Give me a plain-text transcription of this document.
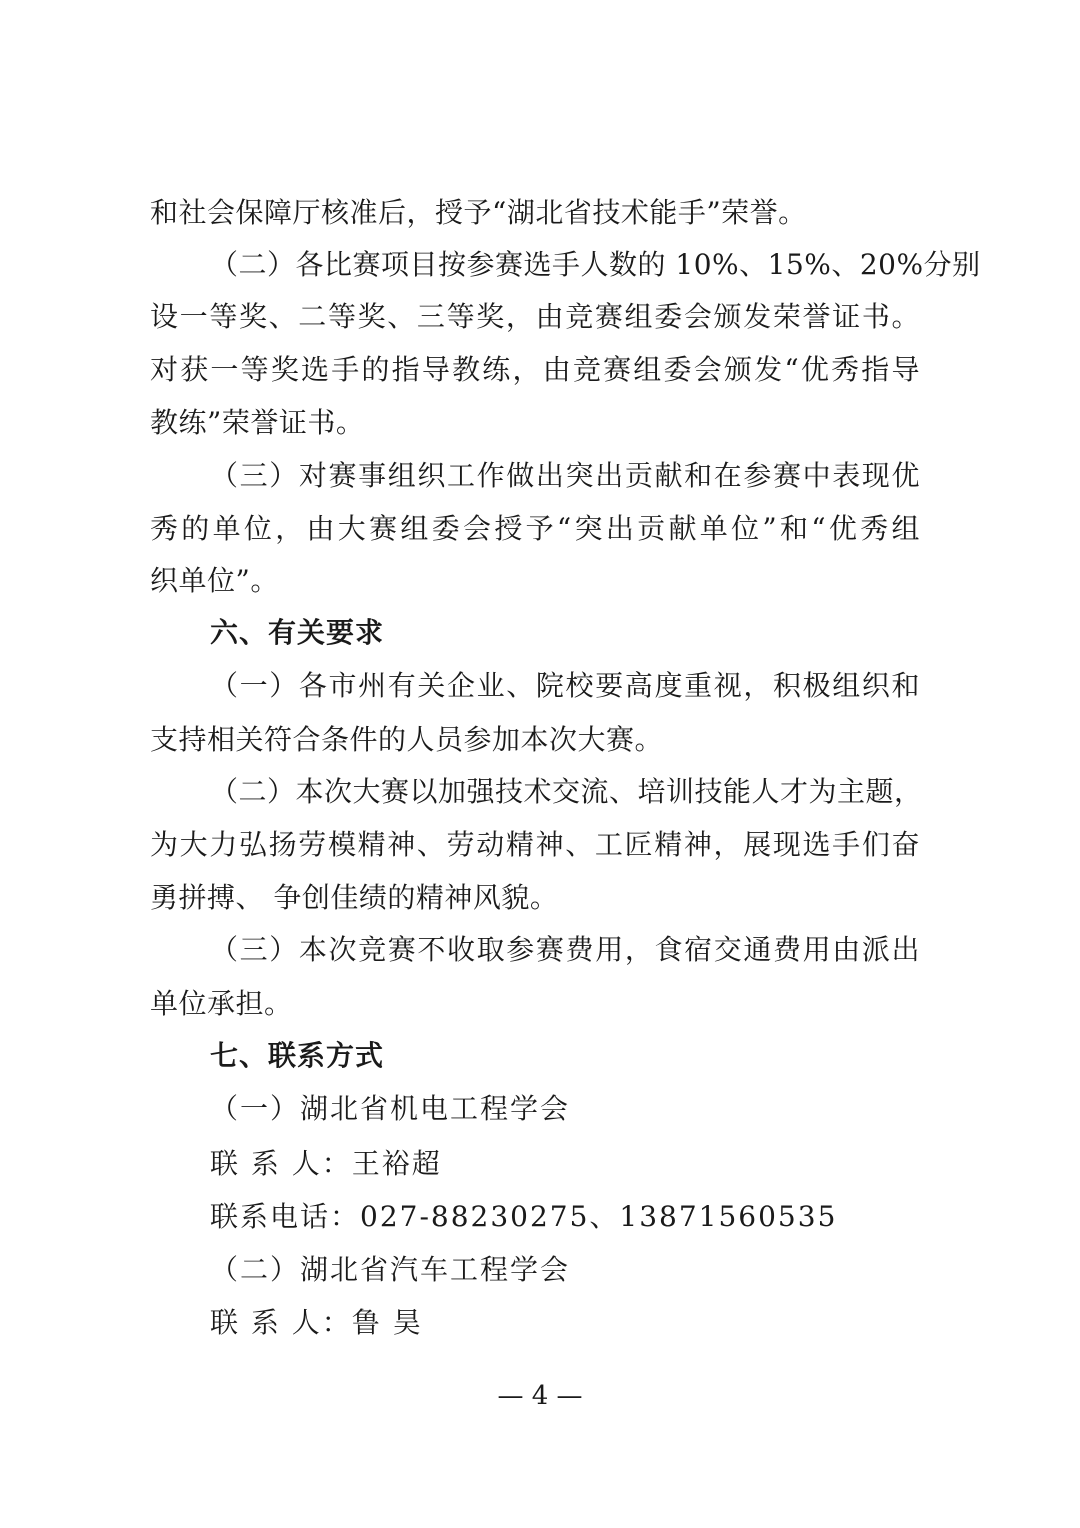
和社会保障厅核准后，授予“湖北省技术能手”荣誉。
（二）各比赛项目按参赛选手人数的 10%、15%、20%分别
设一等奖、二等奖、三等奖，由竞赛组委会颁发荣誉证书。
对获一等奖选手的指导教练，由竞赛组委会颁发“优秀指导
教练”荣誉证书。
（三）对赛事组织工作做出突出贡献和在参赛中表现优
秀的单位，由大赛组委会授予“突出贡献单位”和“优秀组
织单位”。
六、有关要求
（一）各市州有关企业、院校要高度重视，积极组织和
支持相关符合条件的人员参加本次大赛。
（二）本次大赛以加强技术交流、培训技能人才为主题，
为大力弘扬劳模精神、劳动精神、工匠精神，展现选手们奋
勇拼搏、 争创佳绩的精神风貌。
（三）本次竞赛不收取参赛费用，食宿交通费用由派出
单位承担。
七、联系方式
（一）湖北省机电工程学会
联 系 人：王裕超
联系电话：027-88230275、13871560535
（二）湖北省汽车工程学会
联 系 人：鲁 昊
— 4 —
